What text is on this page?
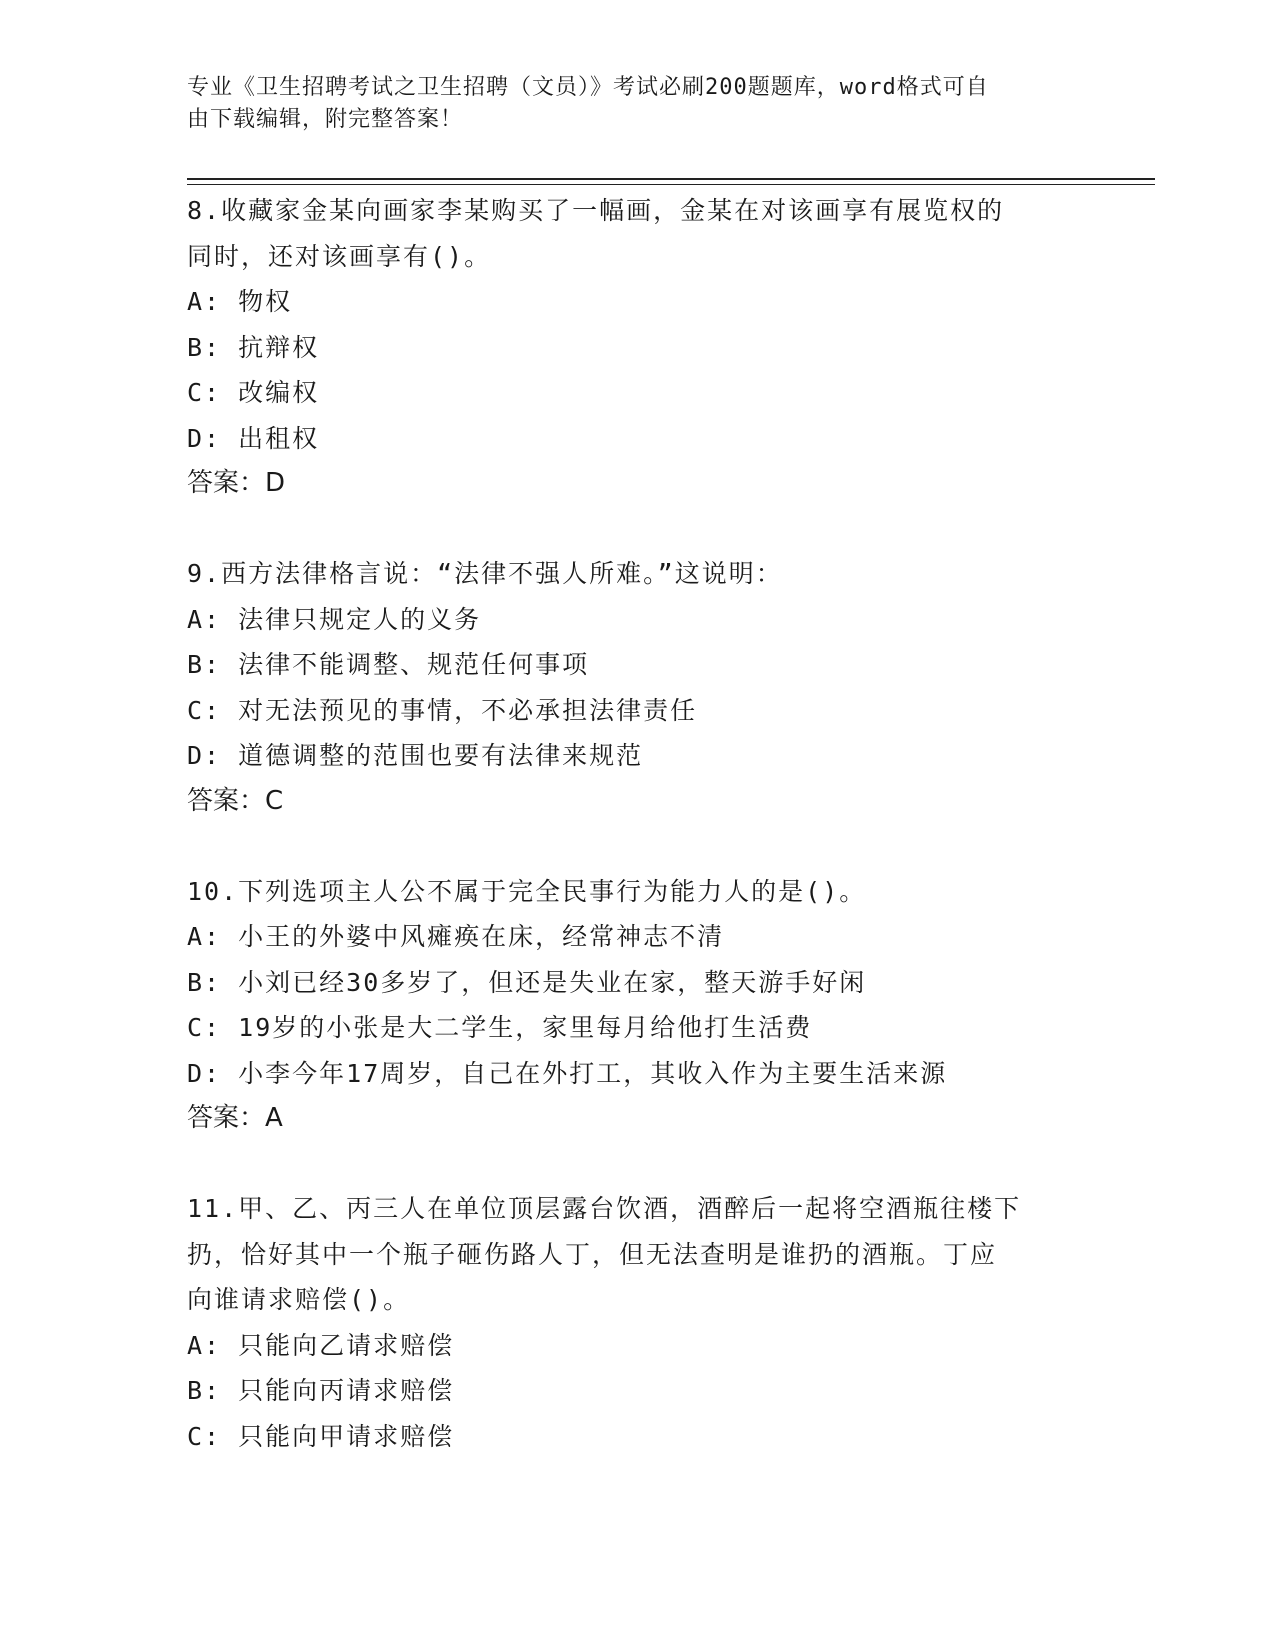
专业《卫生招聘考试之卫生招聘（文员）》考试必刷200题题库，word格式可自
由下载编辑，附完整答案！
8.收藏家金某向画家李某购买了一幅画，金某在对该画享有展览权的
同时，还对该画享有()。
A: 物权
B: 抗辩权
C: 改编权
D: 出租权
答案：D
9.西方法律格言说：“法律不强人所难。”这说明：
A: 法律只规定人的义务
B: 法律不能调整、规范任何事项
C: 对无法预见的事情，不必承担法律责任
D: 道德调整的范围也要有法律来规范
答案：C
10.下列选项主人公不属于完全民事行为能力人的是()。
A: 小王的外婆中风瘫痪在床，经常神志不清
B: 小刘已经30多岁了，但还是失业在家，整天游手好闲
C: 19岁的小张是大二学生，家里每月给他打生活费
D: 小李今年17周岁，自己在外打工，其收入作为主要生活来源
答案：A
11.甲、乙、丙三人在单位顶层露台饮酒，酒醉后一起将空酒瓶往楼下
扔，恰好其中一个瓶子砸伤路人丁，但无法查明是谁扔的酒瓶。丁应
向谁请求赔偿()。
A: 只能向乙请求赔偿
B: 只能向丙请求赔偿
C: 只能向甲请求赔偿
